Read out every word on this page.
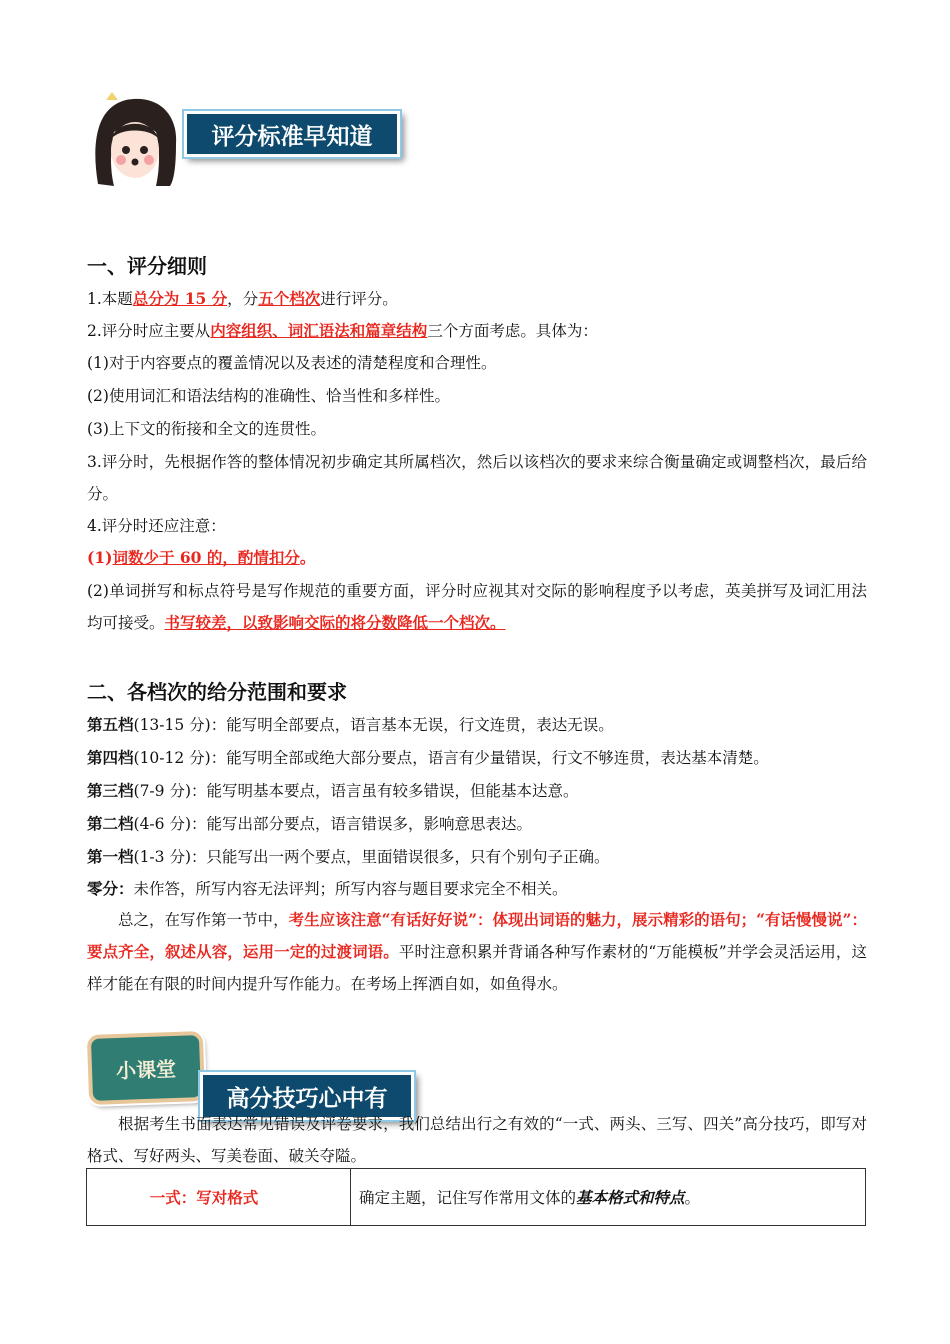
评分标准早知道
一、评分细则
1.本题总分为 15 分，分五个档次进行评分。
2.评分时应主要从内容组织、词汇语法和篇章结构三个方面考虑。具体为：
(1)对于内容要点的覆盖情况以及表述的清楚程度和合理性。
(2)使用词汇和语法结构的准确性、恰当性和多样性。
(3)上下文的衔接和全文的连贯性。
3.评分时，先根据作答的整体情况初步确定其所属档次，然后以该档次的要求来综合衡量确定或调整档次，最后给分。
4.评分时还应注意：
(1)词数少于 60 的，酌情扣分。
(2)单词拼写和标点符号是写作规范的重要方面，评分时应视其对交际的影响程度予以考虑，英美拼写及词汇用法均可接受。书写较差，以致影响交际的将分数降低一个档次。
二、各档次的给分范围和要求
第五档(13-15 分)：能写明全部要点，语言基本无误，行文连贯，表达无误。
第四档(10-12 分)：能写明全部或绝大部分要点，语言有少量错误，行文不够连贯，表达基本清楚。
第三档(7-9 分)：能写明基本要点，语言虽有较多错误，但能基本达意。
第二档(4-6 分)：能写出部分要点，语言错误多，影响意思表达。
第一档(1-3 分)：只能写出一两个要点，里面错误很多，只有个别句子正确。
零分：未作答，所写内容无法评判；所写内容与题目要求完全不相关。
总之，在写作第一节中，考生应该注意“有话好好说”：体现出词语的魅力，展示精彩的语句；“有话慢慢说”：要点齐全，叙述从容，运用一定的过渡词语。平时注意积累并背诵各种写作素材的“万能模板”并学会灵活运用，这样才能在有限的时间内提升写作能力。在考场上挥洒自如，如鱼得水。
小课堂
高分技巧心中有
根据考生书面表达常见错误及评卷要求，我们总结出行之有效的“一式、两头、三写、四关”高分技巧，即写对格式、写好两头、写美卷面、破关夺隘。
一式：写对格式	确定主题，记住写作常用文体的基本格式和特点。
